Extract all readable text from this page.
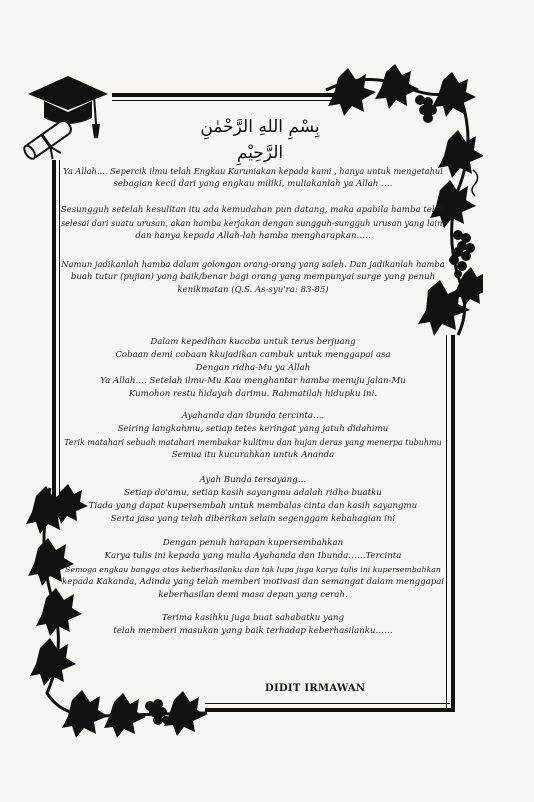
بِسْمِ اللهِ الرَّحْمٰنِ الرَّحِيْمِ
Ya Allah…. Sepercik ilmu telah Engkau Karuniakan kepada kami , hanya untuk mengetahui
sebagian kecil dari yang engkau miliki, muliakanlah ya Allah ….
Sesungguh setelah kesulitan itu ada kemudahan pun datang, maka apabila hamba telah
selesai dari suatu urusan, akan hamba kerjakan dengan sungguh-sungguh urusan yang lain,
dan hanya kepada Allah-lah hamba mengharapkan…..
Namun jadikanlah hamba dalam golongan orang-orang yang saleh. Dan jadikanlah hamba
buah tutur (pujian) yang baik/benar bagi orang yang mempunyai surge yang penuh
kenikmatan (Q.S. As-syu'ra: 83-85)
Dalam kepedihan kucoba untuk terus berjuang
Cobaan demi cobaan kkujadikan cambuk untuk menggapai asa
Dengan ridha-Mu ya Allah
Ya Allah…. Setelah ilmu-Mu Kau menghantar hamba menuju jalan-Mu
Kumohon restu hidayah darimu. Rahmatilah hidupku ini.
Ayahanda dan ibunda tercinta….
Seiring langkahmu, setiap tetes keringat yang jatuh didahimu
Terik matahari sebuah matahari membakar kulitmu dan hujan deras yang menerpa tubuhmu
Semua itu kucurahkan untuk Ananda
Ayah Bunda tersayang…
Setiap do'amu, setiap kasih sayangmu adalah ridho buatku
Tiada yang dapat kupersembah untuk membalas cinta dan kasih sayangmu
Serta jasa yang telah diberikan selain segenggam kebahagian ini
Dengan penuh harapan kupersembahkan
Karya tulis ini kepada yang mulia Ayahanda dan Ibunda……Tercinta
Semoga engkau bangga atas keberhasilanku dan tak lupa juga karya tulis ini kupersembahkan
kepada Kakanda, Adinda yang telah memberi motivasi dan semangat dalam menggapai
keberhasilan demi masa depan yang cerah.
Terima kasihku juga buat sahabatku yang
telah memberi masukan yang baik terhadap keberhasilanku……
DIDIT IRMAWAN
